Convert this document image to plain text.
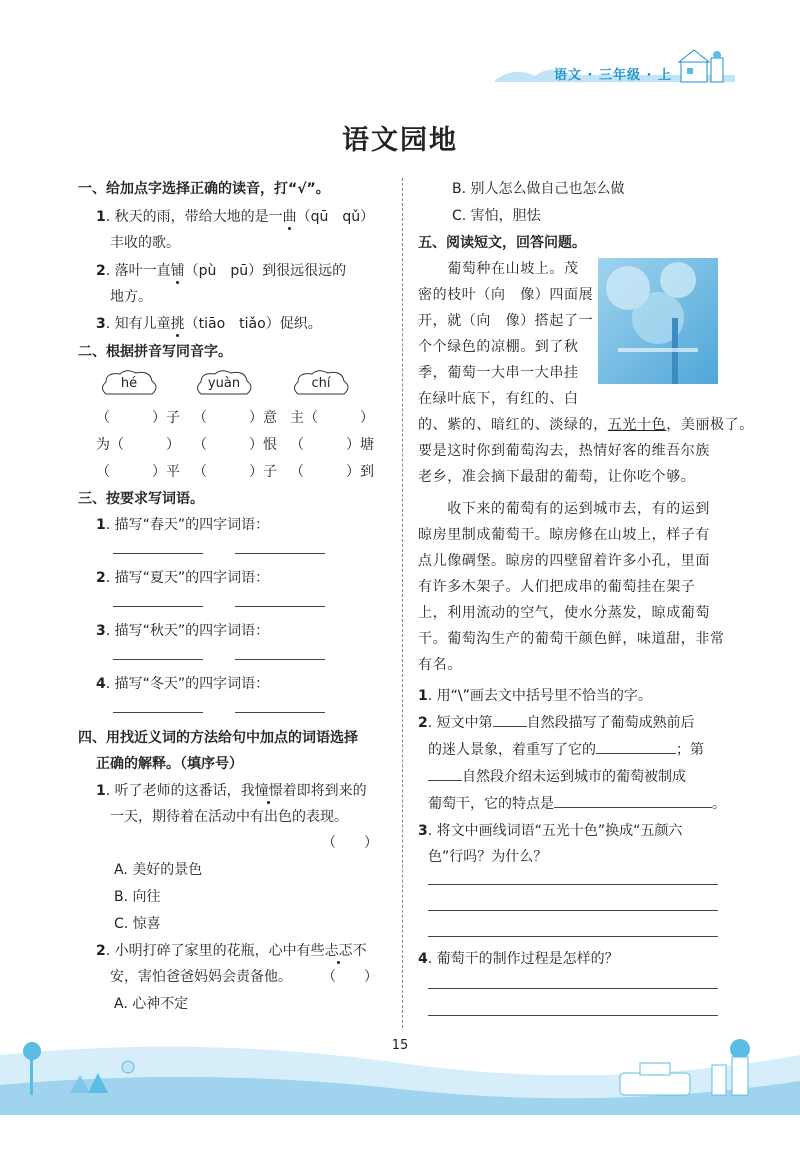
语文 · 三年级 · 上
语文园地
一、给加点字选择正确的读音，打“√”。
1. 秋天的雨，带给大地的是一曲（qū　qǔ）
丰收的歌。
2. 落叶一直铺（pù　pū）到很远很远的
地方。
3. 知有儿童挑（tiāo　tiǎo）促织。
二、根据拼音写同音字。
hé	yuàn	chí
（　　　）子 （　　　）意 主（　　　）
为（　　　） （　　　）恨 （　　　）塘
（　　　）平 （　　　）子 （　　　）到
三、按要求写词语。
1. 描写“春天”的四字词语：
2. 描写“夏天”的四字词语：
3. 描写“秋天”的四字词语：
4. 描写“冬天”的四字词语：
四、用找近义词的方法给句中加点的词语选择
正确的解释。（填序号）
1. 听了老师的这番话，我憧憬着即将到来的
一天，期待着在活动中有出色的表现。
（　　）
A. 美好的景色
B. 向往
C. 惊喜
2. 小明打碎了家里的花瓶，心中有些忐忑不
安，害怕爸爸妈妈会责备他。 （　　）
A. 心神不定
B. 别人怎么做自己也怎么做
C. 害怕，胆怯
五、阅读短文，回答问题。
　　葡萄种在山坡上。茂
密的枝叶（向　像）四面展
开，就（向　像）搭起了一
个个绿色的凉棚。到了秋
季，葡萄一大串一大串挂
在绿叶底下，有红的、白
的、紫的、暗红的、淡绿的，五光十色，美丽极了。
要是这时你到葡萄沟去，热情好客的维吾尔族
老乡，准会摘下最甜的葡萄，让你吃个够。
　　收下来的葡萄有的运到城市去，有的运到
晾房里制成葡萄干。晾房修在山坡上，样子有
点儿像碉堡。晾房的四壁留着许多小孔，里面
有许多木架子。人们把成串的葡萄挂在架子
上，利用流动的空气，使水分蒸发，晾成葡萄
干。葡萄沟生产的葡萄干颜色鲜，味道甜，非常
有名。
1. 用“\”画去文中括号里不恰当的字。
2. 短文中第 自然段描写了葡萄成熟前后
的迷人景象，着重写了它的	；第
自然段介绍未运到城市的葡萄被制成
葡萄干，它的特点是	。
3. 将文中画线词语“五光十色”换成“五颜六
色”行吗？为什么？
4. 葡萄干的制作过程是怎样的？
15
